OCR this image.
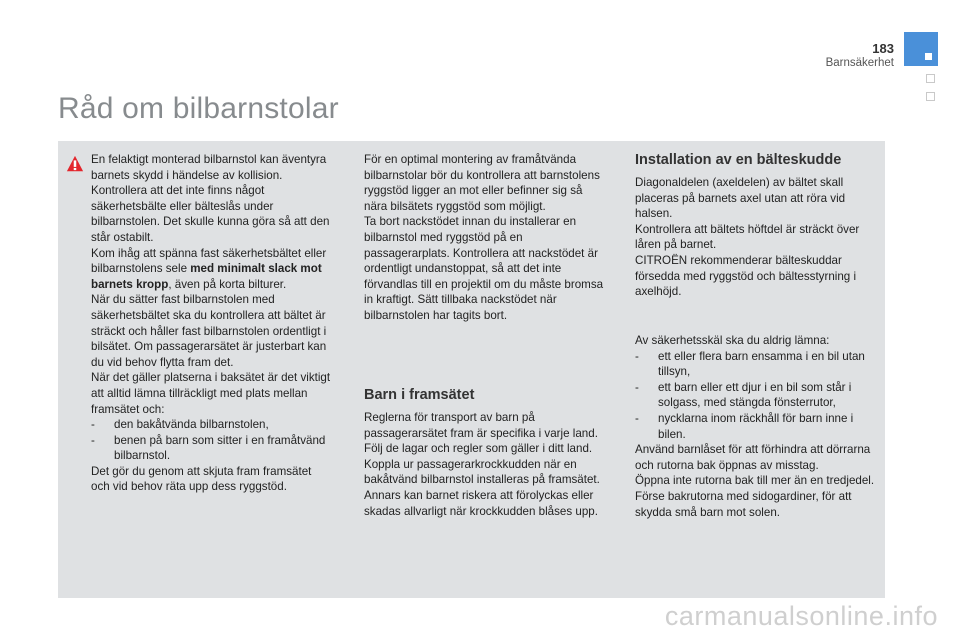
183
Barnsäkerhet
Råd om bilbarnstolar

En felaktigt monterad bilbarnstol kan äventyra barnets skydd i händelse av kollision.

Kontrollera att det inte finns något säkerhetsbälte eller bälteslås under bilbarnstolen. Det skulle kunna göra så att den står ostabilt.

Kom ihåg att spänna fast säkerhetsbältet eller bilbarnstolens sele med minimalt slack mot barnets kropp, även på korta bilturer.

När du sätter fast bilbarnstolen med säkerhetsbältet ska du kontrollera att bältet är sträckt och håller fast bilbarnstolen ordentligt i bilsätet. Om passagerarsätet är justerbart kan du vid behov flytta fram det.

När det gäller platserna i baksätet är det viktigt att alltid lämna tillräckligt med plats mellan framsätet och:

-	den bakåtvända bilbarnstolen,
-	benen på barn som sitter i en framåtvänd bilbarnstol.

Det gör du genom att skjuta fram framsätet och vid behov räta upp dess ryggstöd.

För en optimal montering av framåtvända bilbarnstolar bör du kontrollera att barnstolens ryggstöd ligger an mot eller befinner sig så nära bilsätets ryggstöd som möjligt.

Ta bort nackstödet innan du installerar en bilbarnstol med ryggstöd på en passagerarplats. Kontrollera att nackstödet är ordentligt undanstoppat, så att det inte förvandlas till en projektil om du måste bromsa in kraftigt. Sätt tillbaka nackstödet när bilbarnstolen har tagits bort.

Barn i framsätet

Reglerna för transport av barn på passagerarsätet fram är specifika i varje land.

Följ de lagar och regler som gäller i ditt land.

Koppla ur passagerarkrockkudden när en bakåtvänd bilbarnstol installeras på framsätet. Annars kan barnet riskera att förolyckas eller skadas allvarligt när krockkudden blåses upp.

Installation av en bälteskudde

Diagonaldelen (axeldelen) av bältet skall placeras på barnets axel utan att röra vid halsen.

Kontrollera att bältets höftdel är sträckt över låren på barnet.

CITROËN rekommenderar bälteskuddar försedda med ryggstöd och bältesstyrning i axelhöjd.

Av säkerhetsskäl ska du aldrig lämna:

-	ett eller flera barn ensamma i en bil utan tillsyn,
-	ett barn eller ett djur i en bil som står i solgass, med stängda fönsterrutor,
-	nycklarna inom räckhåll för barn inne i bilen.

Använd barnlåset för att förhindra att dörrarna och rutorna bak öppnas av misstag.

Öppna inte rutorna bak till mer än en tredjedel.

Förse bakrutorna med sidogardiner, för att skydda små barn mot solen.

carmanualsonline.info
